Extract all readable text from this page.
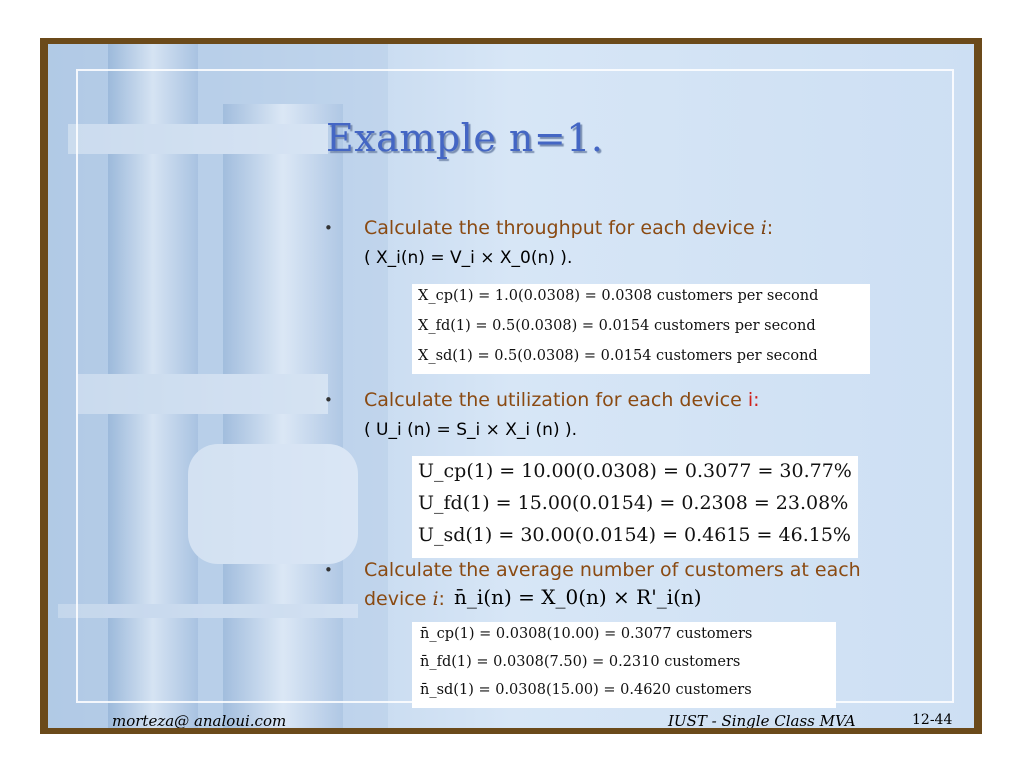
Example n=1.
• Calculate the throughput for each device i:
( X_i(n) = V_i × X_0(n) ).
X_cp(1) = 1.0(0.0308) = 0.0308 customers per second
X_fd(1) = 0.5(0.0308) = 0.0154 customers per second
X_sd(1) = 0.5(0.0308) = 0.0154 customers per second
• Calculate the utilization for each device i:
( U_i (n) = S_i × X_i (n) ).
U_cp(1) = 10.00(0.0308) = 0.3077 = 30.77%
U_fd(1) = 15.00(0.0154) = 0.2308 = 23.08%
U_sd(1) = 30.00(0.0154) = 0.4615 = 46.15%
• Calculate the average number of customers at each device i: n̄_i(n) = X_0(n) × R'_i(n)
n̄_cp(1) = 0.0308(10.00) = 0.3077 customers
n̄_fd(1) = 0.0308(7.50) = 0.2310 customers
n̄_sd(1) = 0.0308(15.00) = 0.4620 customers
morteza@ analoui.com	IUST - Single Class MVA	12-44
